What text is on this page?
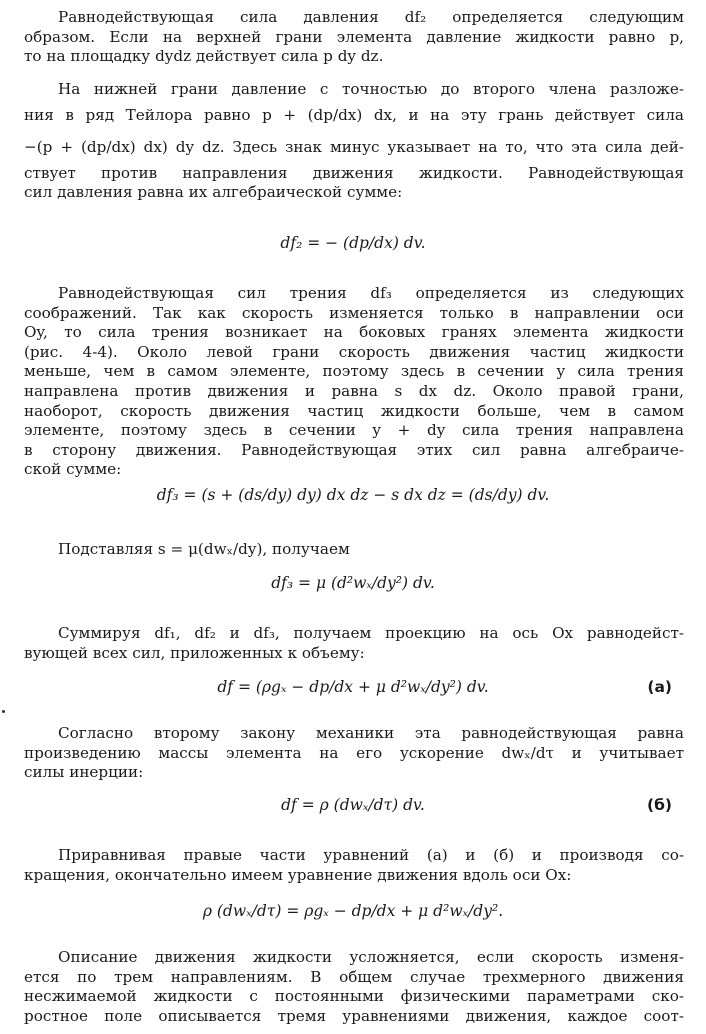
Равнодействующая сила давления df₂ определяется следующим
образом. Если на верхней грани элемента давление жидкости равно p,
то на площадку dydz действует сила p dy dz.

На нижней грани давление с точностью до второго члена разложе-
ния в ряд Тейлора равно p + (dp/dx) dx, и на эту грань действует сила
−(p + (dp/dx) dx) dy dz. Здесь знак минус указывает на то, что эта сила дей-
ствует против направления движения жидкости. Равнодействующая
сил давления равна их алгебраической сумме:

df₂ = − (dp/dx) dv.

Равнодействующая сил трения df₃ определяется из следующих
соображений. Так как скорость изменяется только в направлении оси
Oy, то сила трения возникает на боковых гранях элемента жидкости
(рис. 4-4). Около левой грани скорость движения частиц жидкости
меньше, чем в самом элементе, поэтому здесь в сечении y сила трения
направлена против движения и равна s dx dz. Около правой грани,
наоборот, скорость движения частиц жидкости больше, чем в самом
элементе, поэтому здесь в сечении y + dy сила трения направлена
в сторону движения. Равнодействующая этих сил равна алгебраиче-
ской сумме:

df₃ = (s + (ds/dy) dy) dx dz − s dx dz = (ds/dy) dv.

Подставляя s = μ(dwₓ/dy), получаем

df₃ = μ (d²wₓ/dy²) dv.

Суммируя df₁, df₂ и df₃, получаем проекцию на ось Ox равнодейст-
вующей всех сил, приложенных к объему:

df = (ρgₓ − dp/dx + μ d²wₓ/dy²) dv.	(а)

Согласно второму закону механики эта равнодействующая равна
произведению массы элемента на его ускорение dwₓ/dτ и учитывает
силы инерции:

df = ρ (dwₓ/dτ) dv.	(б)

Приравнивая правые части уравнений (а) и (б) и производя со-
кращения, окончательно имеем уравнение движения вдоль оси Ox:

ρ (dwₓ/dτ) = ρgₓ − dp/dx + μ d²wₓ/dy².

Описание движения жидкости усложняется, если скорость изменя-
ется по трем направлениям. В общем случае трехмерного движения
несжимаемой жидкости с постоянными физическими параметрами ско-
ростное поле описывается тремя уравнениями движения, каждое соот-
